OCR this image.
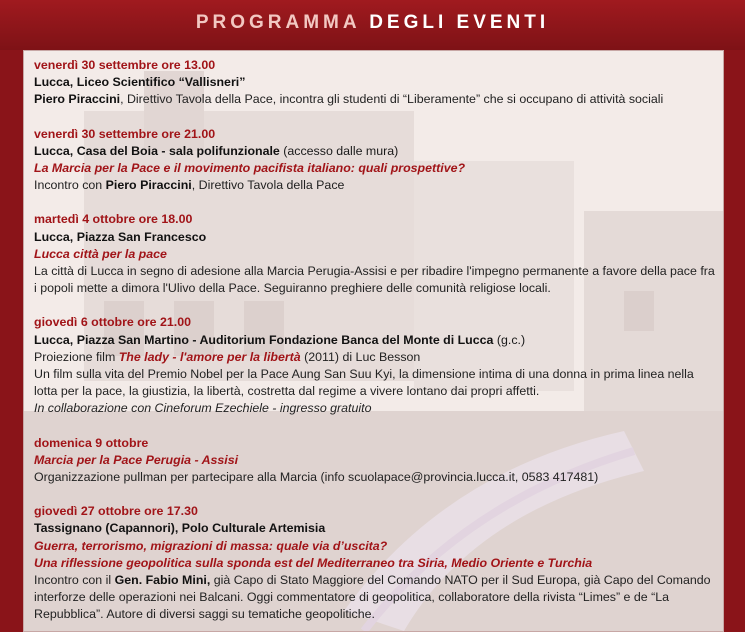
PROGRAMMA DEGLI EVENTI
venerdì 30 settembre ore 13.00
Lucca, Liceo Scientifico “Vallisneri”
Piero Piraccini, Direttivo Tavola della Pace, incontra gli studenti di “Liberamente” che si occupano di attività sociali
venerdì 30 settembre ore 21.00
Lucca, Casa del Boia - sala polifunzionale (accesso dalle mura)
La Marcia per la Pace e il movimento pacifista italiano: quali prospettive?
Incontro con Piero Piraccini, Direttivo Tavola della Pace
martedì 4 ottobre ore 18.00
Lucca, Piazza San Francesco
Lucca città per la pace
La città di Lucca in segno di adesione alla Marcia Perugia-Assisi e per ribadire l'impegno permanente a favore della pace fra i popoli mette a dimora l'Ulivo della Pace. Seguiranno preghiere delle comunità religiose locali.
giovedì 6 ottobre ore 21.00
Lucca, Piazza San Martino - Auditorium Fondazione Banca del Monte di Lucca (g.c.)
Proiezione film The lady - l'amore per la libertà (2011) di Luc Besson
Un film sulla vita del Premio Nobel per la Pace Aung San Suu Kyi, la dimensione intima di una donna in prima linea nella lotta per la pace, la giustizia, la libertà, costretta dal regime a vivere lontano dai propri affetti.
In collaborazione con Cineforum Ezechiele - ingresso gratuito
domenica 9 ottobre
Marcia per la Pace Perugia - Assisi
Organizzazione pullman per partecipare alla Marcia (info scuolapace@provincia.lucca.it, 0583 417481)
giovedì 27 ottobre ore 17.30
Tassignano (Capannori), Polo Culturale Artemisia
Guerra, terrorismo, migrazioni di massa: quale via d’uscita?
Una riflessione geopolitica sulla sponda est del Mediterraneo tra Siria, Medio Oriente e Turchia
Incontro con il Gen. Fabio Mini, già Capo di Stato Maggiore del Comando NATO per il Sud Europa, già Capo del Comando interforze delle operazioni nei Balcani. Oggi commentatore di geopolitica, collaboratore della rivista “Limes” e de “La Repubblica”. Autore di diversi saggi su tematiche geopolitiche.
